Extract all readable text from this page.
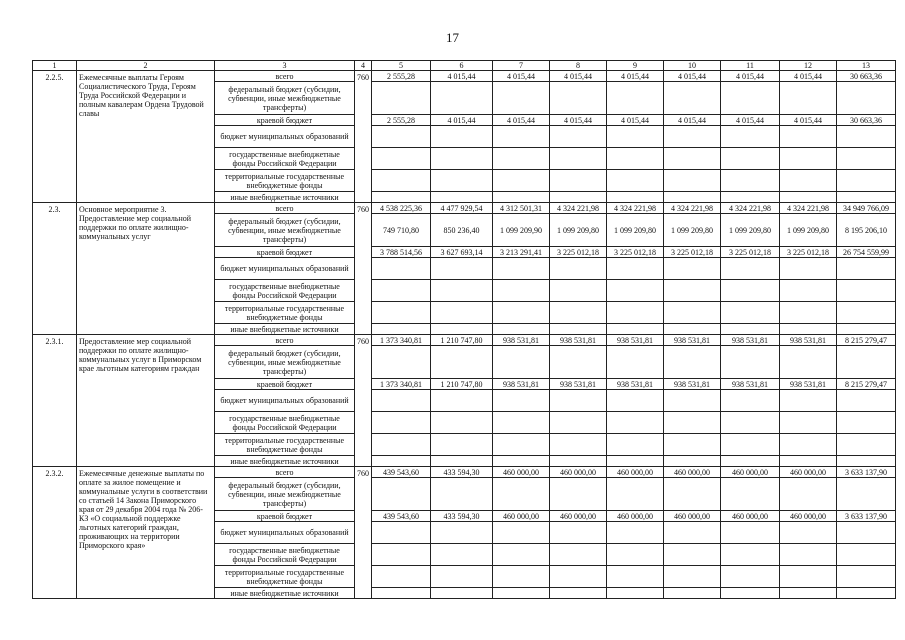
17
1	2	3	4	5	6	7	8	9	10	11	12	13
2.2.5.	Ежемесячные выплаты Героям Социалистического Труда, Героям Труда Российской Федерации и полным кавалерам Ордена Трудовой славы	всего	760	2 555,28	4 015,44	4 015,44	4 015,44	4 015,44	4 015,44	4 015,44	4 015,44	30 663,36
		федеральный бюджет (субсидии, субвенции, иные межбюджетные трансферты)										
		краевой бюджет		2 555,28	4 015,44	4 015,44	4 015,44	4 015,44	4 015,44	4 015,44	4 015,44	30 663,36
		бюджет муниципальных образований										
		государственные внебюджетные фонды Российской Федерации										
		территориальные государственные внебюджетные фонды										
		иные внебюджетные источники										
2.3.	Основное мероприятие 3. Предоставление мер социальной поддержки по оплате жилищно-коммунальных услуг	всего	760	4 538 225,36	4 477 929,54	4 312 501,31	4 324 221,98	4 324 221,98	4 324 221,98	4 324 221,98	4 324 221,98	34 949 766,09
		федеральный бюджет (субсидии, субвенции, иные межбюджетные трансферты)		749 710,80	850 236,40	1 099 209,90	1 099 209,80	1 099 209,80	1 099 209,80	1 099 209,80	1 099 209,80	8 195 206,10
		краевой бюджет		3 788 514,56	3 627 693,14	3 213 291,41	3 225 012,18	3 225 012,18	3 225 012,18	3 225 012,18	3 225 012,18	26 754 559,99
		бюджет муниципальных образований										
		государственные внебюджетные фонды Российской Федерации										
		территориальные государственные внебюджетные фонды										
		иные внебюджетные источники										
2.3.1.	Предоставление мер социальной поддержки по оплате жилищно-коммунальных услуг в Приморском крае льготным категориям граждан	всего	760	1 373 340,81	1 210 747,80	938 531,81	938 531,81	938 531,81	938 531,81	938 531,81	938 531,81	8 215 279,47
		федеральный бюджет (субсидии, субвенции, иные межбюджетные трансферты)										
		краевой бюджет		1 373 340,81	1 210 747,80	938 531,81	938 531,81	938 531,81	938 531,81	938 531,81	938 531,81	8 215 279,47
		бюджет муниципальных образований										
		государственные внебюджетные фонды Российской Федерации										
		территориальные государственные внебюджетные фонды										
		иные внебюджетные источники										
2.3.2.	Ежемесячные денежные выплаты по оплате за жилое помещение и коммунальные услуги в соответствии со статьей 14 Закона Приморского края от 29 декабря 2004 года № 206-КЗ «О социальной поддержке льготных категорий граждан, проживающих на территории Приморского края»	всего	760	439 543,60	433 594,30	460 000,00	460 000,00	460 000,00	460 000,00	460 000,00	460 000,00	3 633 137,90
		федеральный бюджет (субсидии, субвенции, иные межбюджетные трансферты)										
		краевой бюджет		439 543,60	433 594,30	460 000,00	460 000,00	460 000,00	460 000,00	460 000,00	460 000,00	3 633 137,90
		бюджет муниципальных образований										
		государственные внебюджетные фонды Российской Федерации										
		территориальные государственные внебюджетные фонды										
		иные внебюджетные источники										
